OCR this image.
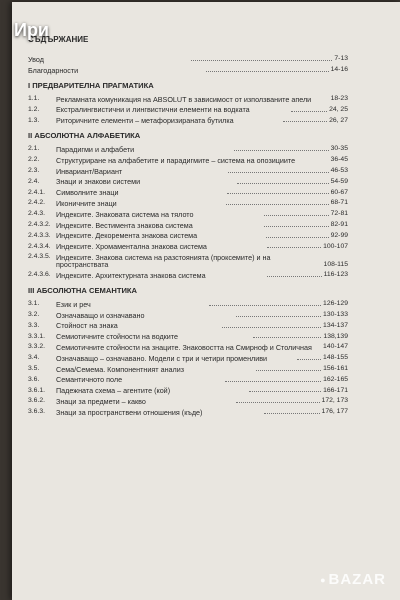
Ири
СЪДЪРЖАНИЕ
Увод	7-13
Благодарности	14-16
I ПРЕДВАРИТЕЛНА ПРАГМАТИКА
1.1.	Рекламната комуникация на ABSOLUT в зависимост от използваните апели	18-23
1.2.	Екстралингвистични и лингвистични елементи на водката	24, 25
1.3.	Риторичните елементи – метафоризирaната бутилка	26, 27
II АБСОЛЮТНА АЛФАБЕТИКА
2.1.	Парадигми и алфабети	30-35
2.2.	Структуриране на алфабетите и парадигмите – система на опозициите	36-45
2.3.	Инвариант/Вариант	46-53
2.4.	Знаци и знакови системи	54-59
2.4.1.	Символните знаци	60-67
2.4.2.	Иконичните знаци	68-71
2.4.3.	Индексите. Знаковата система на тялото	72-81
2.4.3.2. Индексите. Вестимента знакова система	82-91
2.4.3.3. Индексите. Декоремента знакова система	92-99
2.4.3.4. Индексите. Хромаментална знакова система	100-107
2.4.3.5. Индексите. Знакова система на разстоянията (проксемите) и на пространствата	108-115
2.4.3.6. Индексите. Архитектурната знакова система	116-123
III АБСОЛЮТНА СЕМАНТИКА
3.1.	Език и реч	126-129
3.2.	Означаващо и означавано	130-133
3.3.	Стойност на знака	134-137
3.3.1.	Семиотичните стойности на водките	138,139
3.3.2.	Семиотичните стойности на знаците. Знаковостта на Смирноф и Столичная	140-147
3.4.	Означаващо – означавано. Модели с три и четири променливи	148-155
3.5.	Сема/Семема. Компонентният анализ	156-161
3.6.	Семантичното поле	162-165
3.6.1.	Падежната схема – агентите (кой)	166-171
3.6.2.	Знаци за предмети – какво	172, 173
3.6.3.	Знаци за пространствени отношения (къде)	176, 177
● BAZAR
